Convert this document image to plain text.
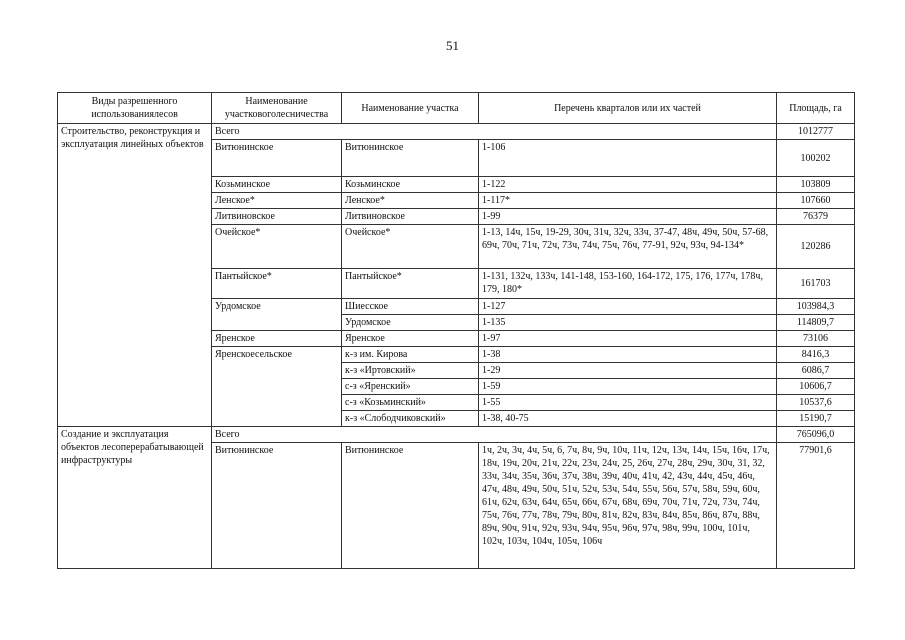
51
Виды разрешенного использованиялесов	Наименование участковоголесничества	Наименование участка	Перечень кварталов или их частей	Площадь, га
Строительство, реконструкция и эксплуатация линейных объектов	Всего			1012777
	Витюнинское	Витюнинское	1-106	100202
	Козьминское	Козьминское	1-122	103809
	Ленское*	Ленское*	1-117*	107660
	Литвиновское	Литвиновское	1-99	76379
	Очейское*	Очейское*	1-13, 14ч, 15ч, 19-29, 30ч, 31ч, 32ч, 33ч, 37-47, 48ч, 49ч, 50ч, 57-68, 69ч, 70ч, 71ч, 72ч, 73ч, 74ч, 75ч, 76ч, 77-91, 92ч, 93ч, 94-134*	120286
	Пантыйское*	Пантыйское*	1-131, 132ч, 133ч, 141-148, 153-160, 164-172, 175, 176, 177ч, 178ч, 179, 180*	161703
	Урдомское	Шиесское	1-127	103984,3
		Урдомское	1-135	114809,7
	Яренское	Яренское	1-97	73106
	Яренскоесельское	к-з им. Кирова	1-38	8416,3
		к-з «Иртовский»	1-29	6086,7
		с-з «Яренский»	1-59	10606,7
		с-з «Козьминский»	1-55	10537,6
		к-з «Слободчиковский»	1-38, 40-75	15190,7
Создание и эксплуатация объектов лесоперерабатывающей инфраструктуры	Всего			765096,0
	Витюнинское	Витюнинское	1ч, 2ч, 3ч, 4ч, 5ч, 6, 7ч, 8ч, 9ч, 10ч, 11ч, 12ч, 13ч, 14ч, 15ч, 16ч, 17ч, 18ч, 19ч, 20ч, 21ч, 22ч, 23ч, 24ч, 25, 26ч, 27ч, 28ч, 29ч, 30ч, 31, 32, 33ч, 34ч, 35ч, 36ч, 37ч, 38ч, 39ч, 40ч, 41ч, 42, 43ч, 44ч, 45ч, 46ч, 47ч, 48ч, 49ч, 50ч, 51ч, 52ч, 53ч, 54ч, 55ч, 56ч, 57ч, 58ч, 59ч, 60ч, 61ч, 62ч, 63ч, 64ч, 65ч, 66ч, 67ч, 68ч, 69ч, 70ч, 71ч, 72ч, 73ч, 74ч, 75ч, 76ч, 77ч, 78ч, 79ч, 80ч, 81ч, 82ч, 83ч, 84ч, 85ч, 86ч, 87ч, 88ч, 89ч, 90ч, 91ч, 92ч, 93ч, 94ч, 95ч, 96ч, 97ч, 98ч, 99ч, 100ч, 101ч, 102ч, 103ч, 104ч, 105ч, 106ч	77901,6
